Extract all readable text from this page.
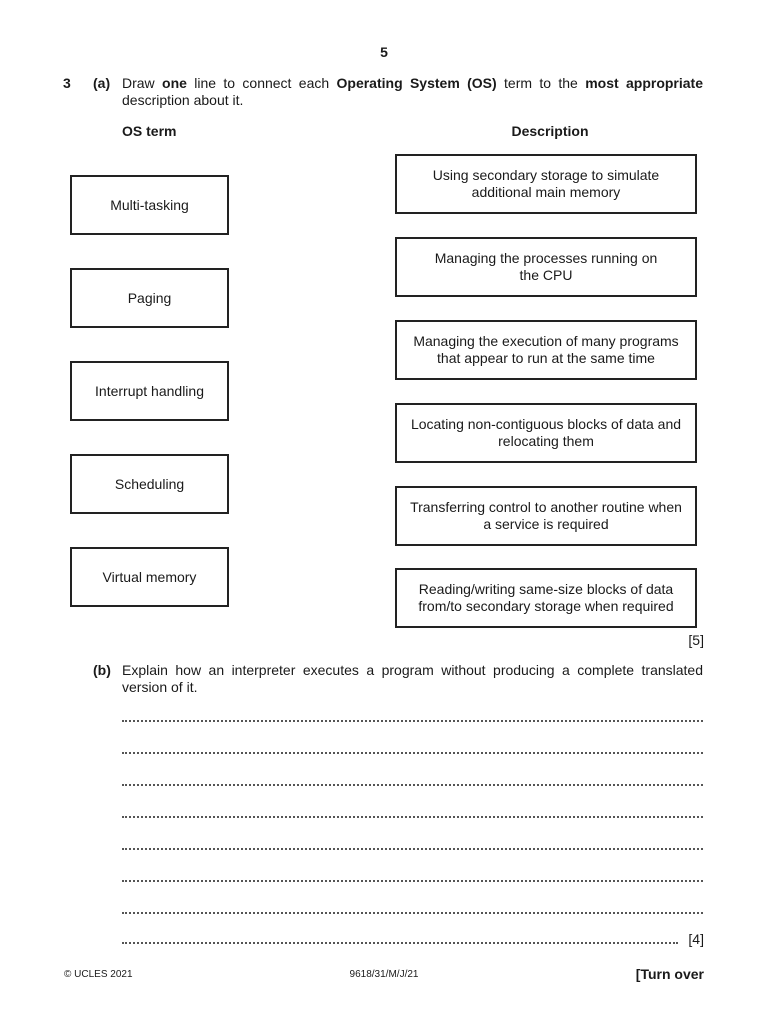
5
3 (a) Draw one line to connect each Operating System (OS) term to the most appropriate
description about it.
OS term	Description
Multi-tasking
Paging
Interrupt handling
Scheduling
Virtual memory
Using secondary storage to simulate
additional main memory
Managing the processes running on
the CPU
Managing the execution of many programs
that appear to run at the same time
Locating non-contiguous blocks of data and
relocating them
Transferring control to another routine when
a service is required
Reading/writing same-size blocks of data
from/to secondary storage when required
[5]
(b) Explain how an interpreter executes a program without producing a complete translated version of it.
[4]
© UCLES 2021	9618/31/M/J/21	[Turn over
